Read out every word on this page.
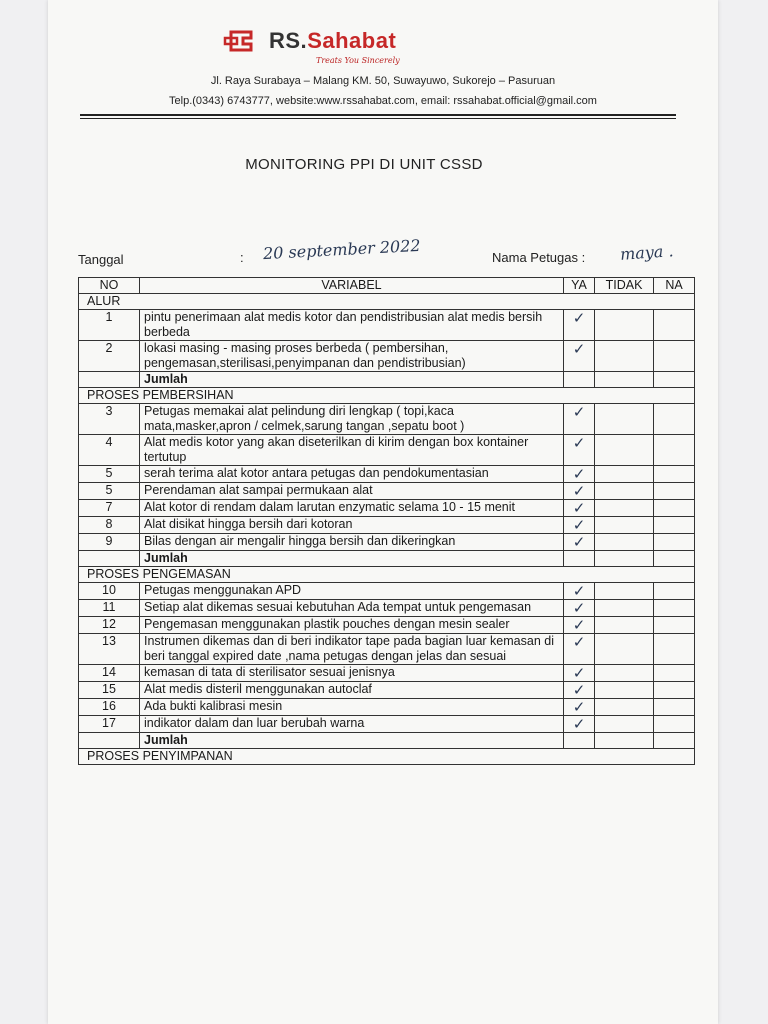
RS.Sahabat
Treats You Sincerely
Jl. Raya Surabaya – Malang KM. 50, Suwayuwo, Sukorejo – Pasuruan
Telp.(0343) 6743777, website:www.rssahabat.com, email: rssahabat.official@gmail.com
MONITORING PPI DI UNIT CSSD
Tanggal	: 20 september 2022	Nama Petugas : maya .
NO	VARIABEL	YA	TIDAK	NA
ALUR				
1	pintu penerimaan alat medis kotor dan pendistribusian alat medis bersih berbeda	✓		

2	lokasi masing - masing proses berbeda ( pembersihan, pengemasan,sterilisasi,penyimpanan dan pendistribusian)	✓		

	Jumlah			
PROSES PEMBERSIHAN				
3	Petugas memakai alat pelindung diri lengkap ( topi,kaca mata,masker,apron / celmek,sarung tangan ,sepatu boot )	✓		

4	Alat medis kotor yang akan diseterilkan di kirim dengan box kontainer tertutup	✓		

5	serah terima alat kotor antara petugas dan pendokumentasian	✓		

5	Perendaman alat sampai permukaan alat	✓		

7	Alat kotor di rendam dalam larutan enzymatic selama 10 - 15 menit	✓		

8	Alat disikat hingga bersih dari kotoran	✓		

9	Bilas dengan air mengalir hingga bersih dan dikeringkan	✓		

	Jumlah			
PROSES PENGEMASAN				
10	Petugas menggunakan APD	✓		

11	Setiap alat dikemas sesuai kebutuhan Ada tempat untuk pengemasan	✓		

12	Pengemasan menggunakan plastik pouches dengan mesin sealer	✓		

13	Instrumen dikemas dan di beri indikator tape pada bagian luar kemasan di beri tanggal expired date ,nama petugas dengan jelas dan sesuai	✓		

14	kemasan di tata di sterilisator sesuai jenisnya	✓		

15	Alat medis disteril menggunakan autoclaf	✓		

16	Ada bukti kalibrasi mesin	✓		

17	indikator dalam dan luar berubah warna	✓		

	Jumlah			
PROSES PENYIMPANAN				
